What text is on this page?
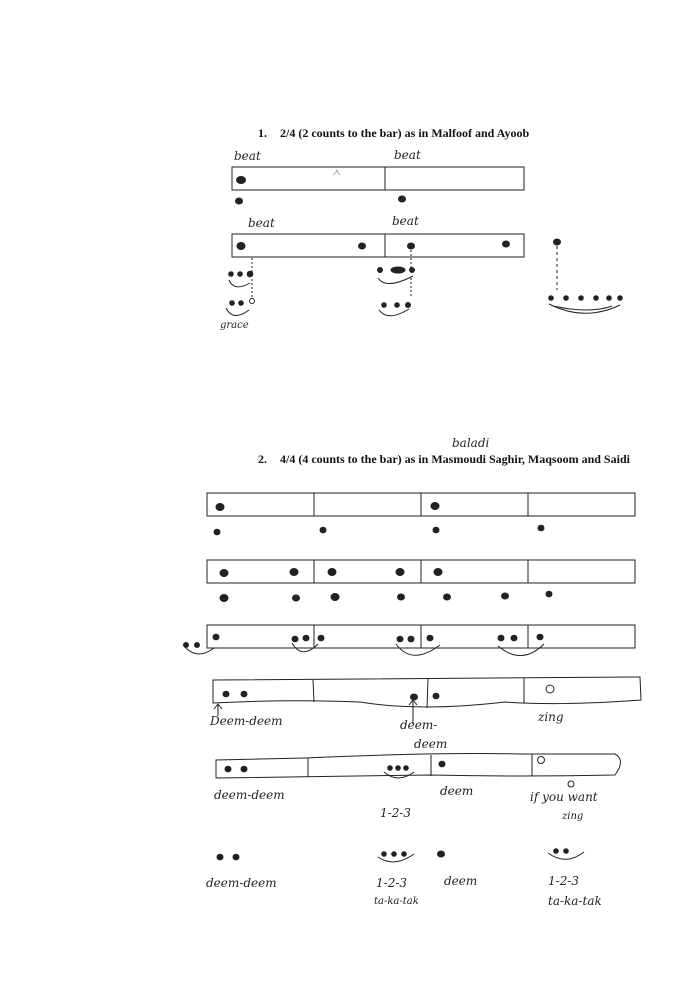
1. 2/4 (2 counts to the bar) as in Malfoof and Ayoob
beat	beat
beat	beat
grace
baladi
2. 4/4 (4 counts to the bar) as in Masmoudi Saghir, Maqsoom and Saidi
Deem-deem	deem-
deem
zing
deem-deem	deem
1-2-3
if you want
zing
deem-deem	1-2-3	deem
ta-ka-tak
1-2-3
ta-ka-tak
